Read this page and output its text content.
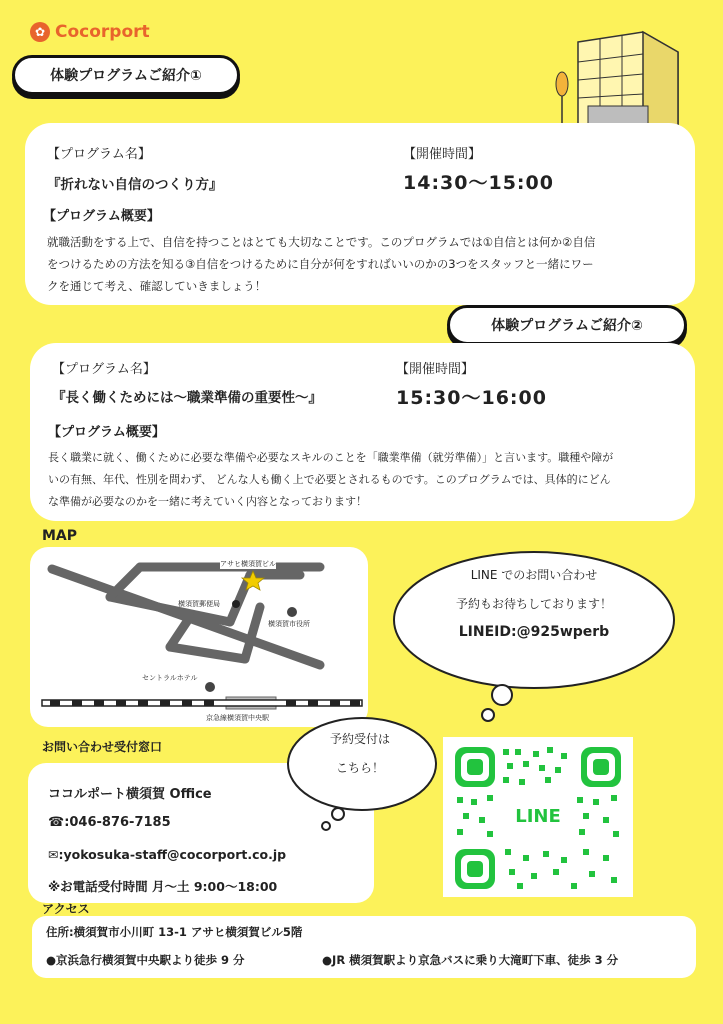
✿ Cocorport
体験プログラムご紹介①
【プログラム名】
『折れない自信のつくり方』
【開催時間】
14:30〜15:00
【プログラム概要】
就職活動をする上で、自信を持つことはとても大切なことです。このプログラムでは①自信とは何か②自信
をつけるための方法を知る③自信をつけるために自分が何をすればいいのかの3つをスタッフと一緒にワー
クを通じて考え、確認していきましょう！
体験プログラムご紹介②
【プログラム名】
『長く働くためには〜職業準備の重要性〜』
【開催時間】
15:30〜16:00
【プログラム概要】
長く職業に就く、働くために必要な準備や必要なスキルのことを「職業準備（就労準備）」と言います。職種や障が
いの有無、年代、性別を問わず、 どんな人も働く上で必要とされるものです。このプログラムでは、具体的にどん
な準備が必要なのかを一緒に考えていく内容となっております！
MAP
アサヒ横須賀ビル
横須賀郵便局
横須賀市役所
セントラルホテル
京急線横須賀中央駅
LINE でのお問い合わせ
予約もお待ちしております！
LINEID:@925wperb
お問い合わせ受付窓口
ココルポート横須賀 Office
☎:046-876-7185
✉:yokosuka-staff@cocorport.co.jp
※お電話受付時間 月〜土 9:00〜18:00
予約受付は
こちら！
LINE
アクセス
住所:横須賀市小川町 13-1 アサヒ横須賀ビル5階
●京浜急行横須賀中央駅より徒歩 9 分	●JR 横須賀駅より京急バスに乗り大滝町下車、徒歩 3 分
